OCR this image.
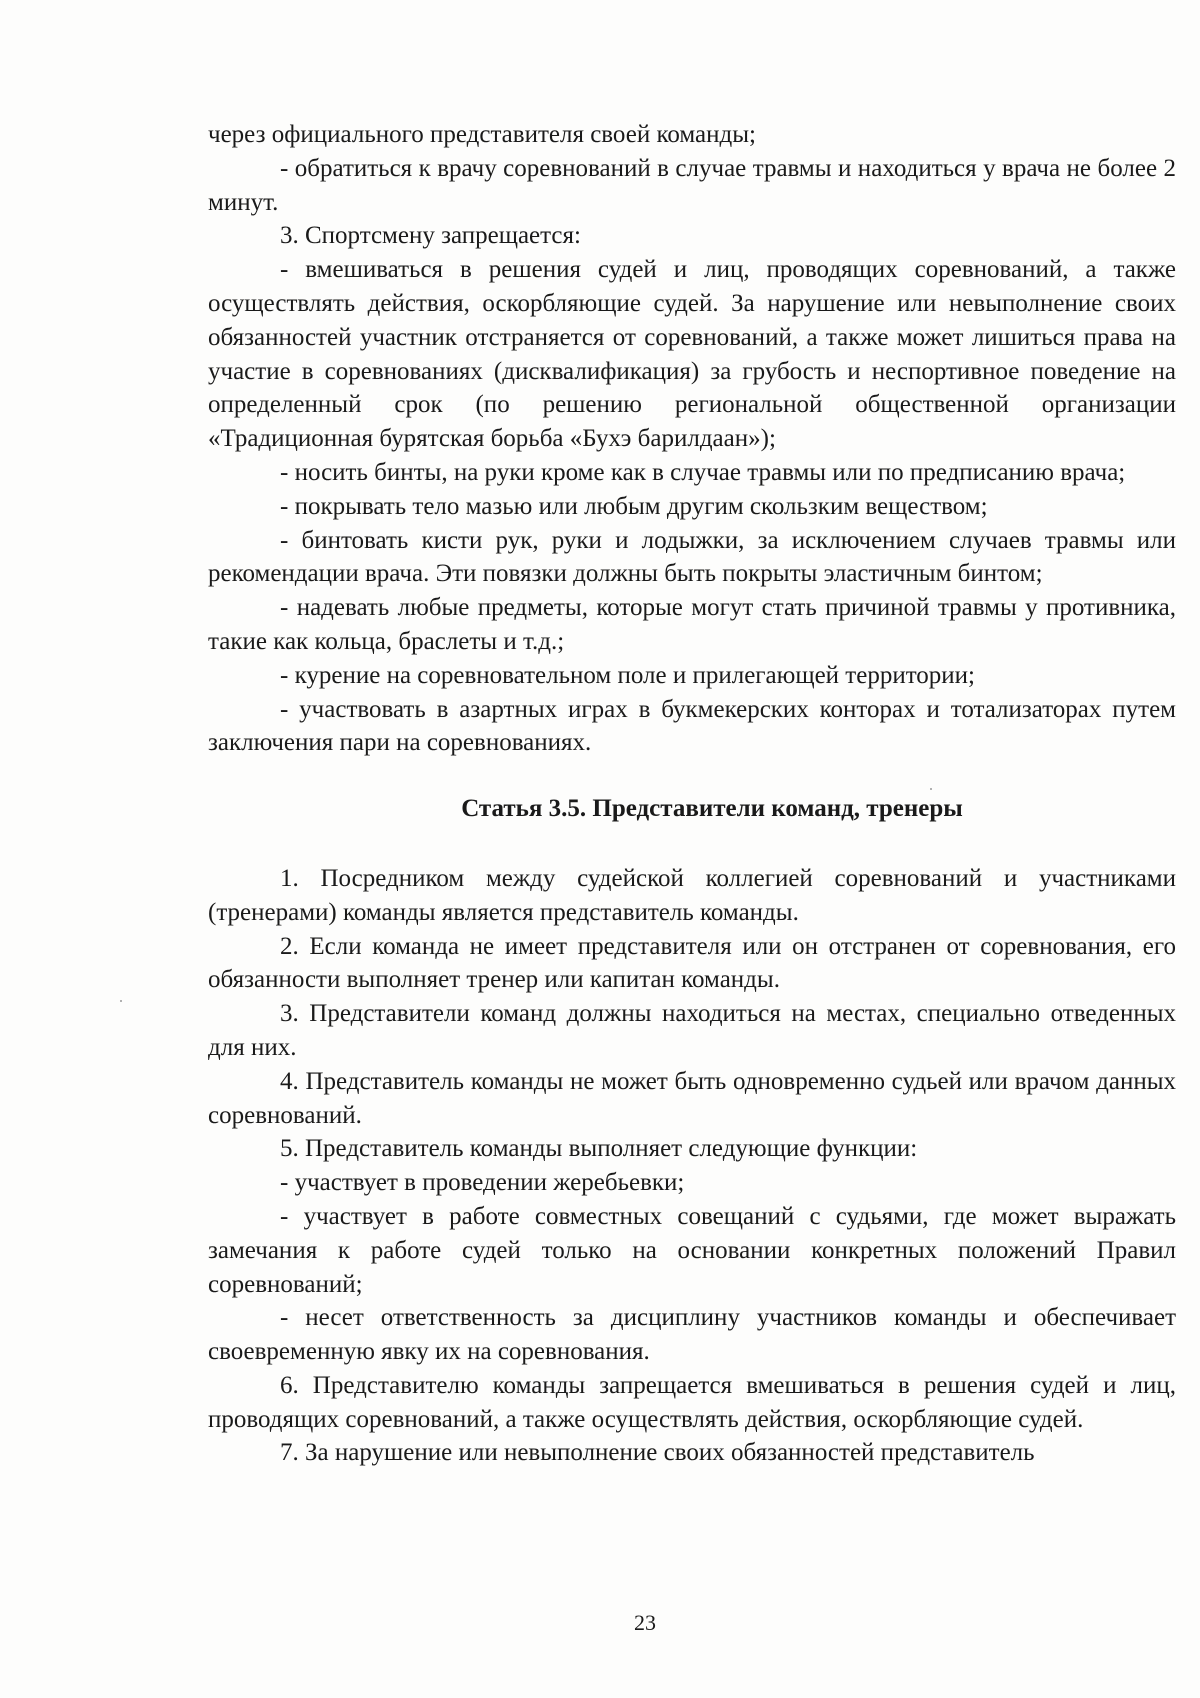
через официального представителя своей команды;

- обратиться к врачу соревнований в случае травмы и находиться у врача не более 2 минут.

3. Спортсмену запрещается:

- вмешиваться в решения судей и лиц, проводящих соревнований, а также осуществлять действия, оскорбляющие судей. За нарушение или невыполнение своих обязанностей участник отстраняется от соревнований, а также может лишиться права на участие в соревнованиях (дисквалификация) за грубость и неспортивное поведение на определенный срок (по решению региональной общественной организации «Традиционная бурятская борьба «Бухэ барилдаан»);

- носить бинты, на руки кроме как в случае травмы или по предписанию врача;

- покрывать тело мазью или любым другим скользким веществом;

- бинтовать кисти рук, руки и лодыжки, за исключением случаев травмы или рекомендации врача. Эти повязки должны быть покрыты эластичным бинтом;

- надевать любые предметы, которые могут стать причиной травмы у противника, такие как кольца, браслеты и т.д.;

- курение на соревновательном поле и прилегающей территории;

- участвовать в азартных играх в букмекерских конторах и тотализаторах путем заключения пари на соревнованиях.

Статья 3.5. Представители команд, тренеры

1. Посредником между судейской коллегией соревнований и участниками (тренерами) команды является представитель команды.

2. Если команда не имеет представителя или он отстранен от соревнования, его обязанности выполняет тренер или капитан команды.

3. Представители команд должны находиться на местах, специально отведенных для них.

4. Представитель команды не может быть одновременно судьей или врачом данных соревнований.

5. Представитель команды выполняет следующие функции:

- участвует в проведении жеребьевки;

- участвует в работе совместных совещаний с судьями, где может выражать замечания к работе судей только на основании конкретных положений Правил соревнований;

- несет ответственность за дисциплину участников команды и обеспечивает своевременную явку их на соревнования.

6. Представителю команды запрещается вмешиваться в решения судей и лиц, проводящих соревнований, а также осуществлять действия, оскорбляющие судей.

7. За нарушение или невыполнение своих обязанностей представитель

23
